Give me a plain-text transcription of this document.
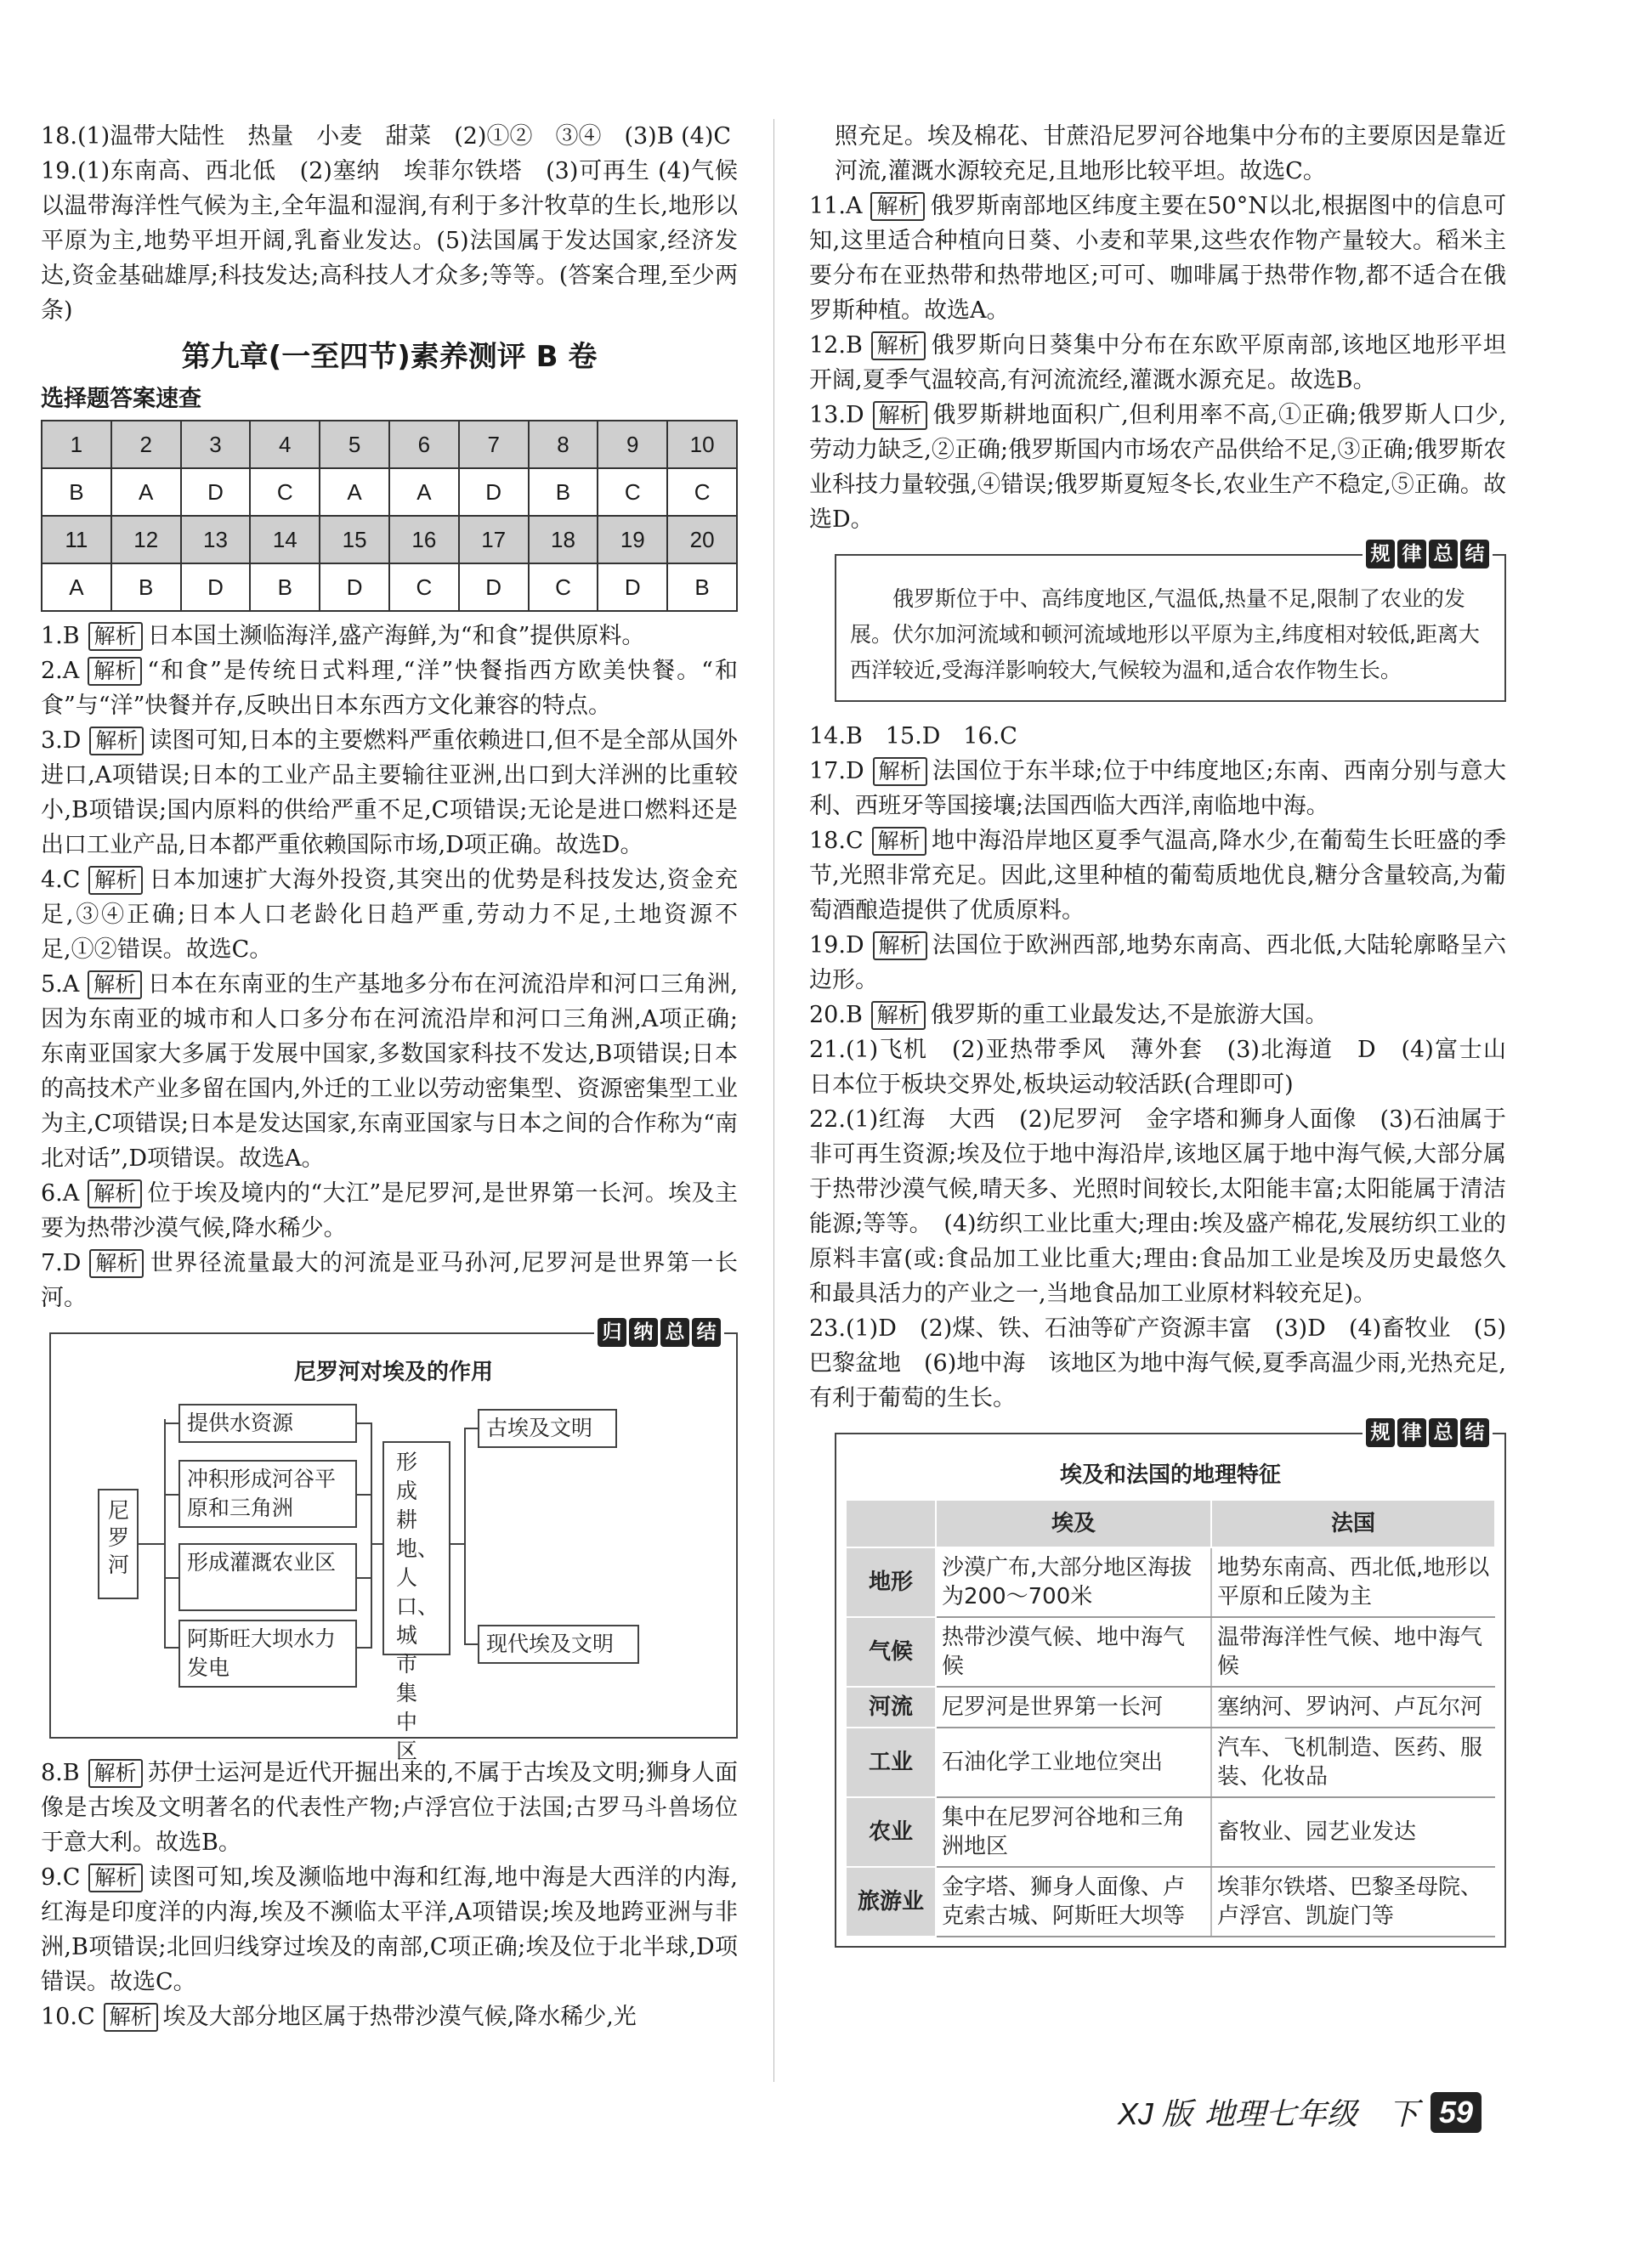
18.(1)温带大陆性　热量　小麦　甜菜　(2)①②　③④　(3)B (4)C

19.(1)东南高、西北低　(2)塞纳　埃菲尔铁塔　(3)可再生 (4)气候以温带海洋性气候为主,全年温和湿润,有利于多汁牧草的生长,地形以平原为主,地势平坦开阔,乳畜业发达。(5)法国属于发达国家,经济发达,资金基础雄厚;科技发达;高科技人才众多;等等。(答案合理,至少两条)

第九章(一至四节)素养测评 B 卷
选择题答案速查
1	2	3	4	5	6	7	8	9	10
B	A	D	C	A	A	D	B	C	C
11	12	13	14	15	16	17	18	19	20
A	B	D	B	D	C	D	C	D	B

1.B 解析 日本国土濒临海洋,盛产海鲜,为“和食”提供原料。

2.A 解析 “和食”是传统日式料理,“洋”快餐指西方欧美快餐。“和食”与“洋”快餐并存,反映出日本东西方文化兼容的特点。

3.D 解析 读图可知,日本的主要燃料严重依赖进口,但不是全部从国外进口,A项错误;日本的工业产品主要输往亚洲,出口到大洋洲的比重较小,B项错误;国内原料的供给严重不足,C项错误;无论是进口燃料还是出口工业产品,日本都严重依赖国际市场,D项正确。故选D。

4.C 解析 日本加速扩大海外投资,其突出的优势是科技发达,资金充足,③④正确;日本人口老龄化日趋严重,劳动力不足,土地资源不足,①②错误。故选C。

5.A 解析 日本在东南亚的生产基地多分布在河流沿岸和河口三角洲,因为东南亚的城市和人口多分布在河流沿岸和河口三角洲,A项正确;东南亚国家大多属于发展中国家,多数国家科技不发达,B项错误;日本的高技术产业多留在国内,外迁的工业以劳动密集型、资源密集型工业为主,C项错误;日本是发达国家,东南亚国家与日本之间的合作称为“南北对话”,D项错误。故选A。

6.A 解析 位于埃及境内的“大江”是尼罗河,是世界第一长河。埃及主要为热带沙漠气候,降水稀少。

7.D 解析 世界径流量最大的河流是亚马孙河,尼罗河是世界第一长河。

归 纳 总 结
尼罗河对埃及的作用
尼罗河
提供水资源
冲积形成河谷平原和三角洲
形成灌溉农业区
阿斯旺大坝水力发电
形成耕地、人口、城市集中区
古埃及文明
现代埃及文明

8.B 解析 苏伊士运河是近代开掘出来的,不属于古埃及文明;狮身人面像是古埃及文明著名的代表性产物;卢浮宫位于法国;古罗马斗兽场位于意大利。故选B。

9.C 解析 读图可知,埃及濒临地中海和红海,地中海是大西洋的内海,红海是印度洋的内海,埃及不濒临太平洋,A项错误;埃及地跨亚洲与非洲,B项错误;北回归线穿过埃及的南部,C项正确;埃及位于北半球,D项错误。故选C。

10.C 解析 埃及大部分地区属于热带沙漠气候,降水稀少,光

照充足。埃及棉花、甘蔗沿尼罗河谷地集中分布的主要原因是靠近河流,灌溉水源较充足,且地形比较平坦。故选C。

11.A 解析 俄罗斯南部地区纬度主要在50°N以北,根据图中的信息可知,这里适合种植向日葵、小麦和苹果,这些农作物产量较大。稻米主要分布在亚热带和热带地区;可可、咖啡属于热带作物,都不适合在俄罗斯种植。故选A。

12.B 解析 俄罗斯向日葵集中分布在东欧平原南部,该地区地形平坦开阔,夏季气温较高,有河流流经,灌溉水源充足。故选B。

13.D 解析 俄罗斯耕地面积广,但利用率不高,①正确;俄罗斯人口少,劳动力缺乏,②正确;俄罗斯国内市场农产品供给不足,③正确;俄罗斯农业科技力量较强,④错误;俄罗斯夏短冬长,农业生产不稳定,⑤正确。故选D。

规 律 总 结
俄罗斯位于中、高纬度地区,气温低,热量不足,限制了农业的发展。伏尔加河流域和顿河流域地形以平原为主,纬度相对较低,距离大西洋较近,受海洋影响较大,气候较为温和,适合农作物生长。

14.B　15.D　16.C

17.D 解析 法国位于东半球;位于中纬度地区;东南、西南分别与意大利、西班牙等国接壤;法国西临大西洋,南临地中海。

18.C 解析 地中海沿岸地区夏季气温高,降水少,在葡萄生长旺盛的季节,光照非常充足。因此,这里种植的葡萄质地优良,糖分含量较高,为葡萄酒酿造提供了优质原料。

19.D 解析 法国位于欧洲西部,地势东南高、西北低,大陆轮廓略呈六边形。

20.B 解析 俄罗斯的重工业最发达,不是旅游大国。

21.(1)飞机　(2)亚热带季风　薄外套　(3)北海道　D　(4)富士山　日本位于板块交界处,板块运动较活跃(合理即可)

22.(1)红海　大西　(2)尼罗河　金字塔和狮身人面像　(3)石油属于非可再生资源;埃及位于地中海沿岸,该地区属于地中海气候,大部分属于热带沙漠气候,晴天多、光照时间较长,太阳能丰富;太阳能属于清洁能源;等等。　(4)纺织工业比重大;理由:埃及盛产棉花,发展纺织工业的原料丰富(或:食品加工业比重大;理由:食品加工业是埃及历史最悠久和最具活力的产业之一,当地食品加工业原材料较充足)。

23.(1)D　(2)煤、铁、石油等矿产资源丰富　(3)D　(4)畜牧业　(5)巴黎盆地　(6)地中海　该地区为地中海气候,夏季高温少雨,光热充足,有利于葡萄的生长。

规 律 总 结
埃及和法国的地理特征
	埃及	法国
地形	沙漠广布,大部分地区海拔为200～700米	地势东南高、西北低,地形以平原和丘陵为主
气候	热带沙漠气候、地中海气候	温带海洋性气候、地中海气候
河流	尼罗河是世界第一长河	塞纳河、罗讷河、卢瓦尔河
工业	石油化学工业地位突出	汽车、飞机制造、医药、服装、化妆品
农业	集中在尼罗河谷地和三角洲地区	畜牧业、园艺业发达
旅游业	金字塔、狮身人面像、卢克索古城、阿斯旺大坝等	埃菲尔铁塔、巴黎圣母院、卢浮宫、凯旋门等
XJ 版 地理七年级　下 59
